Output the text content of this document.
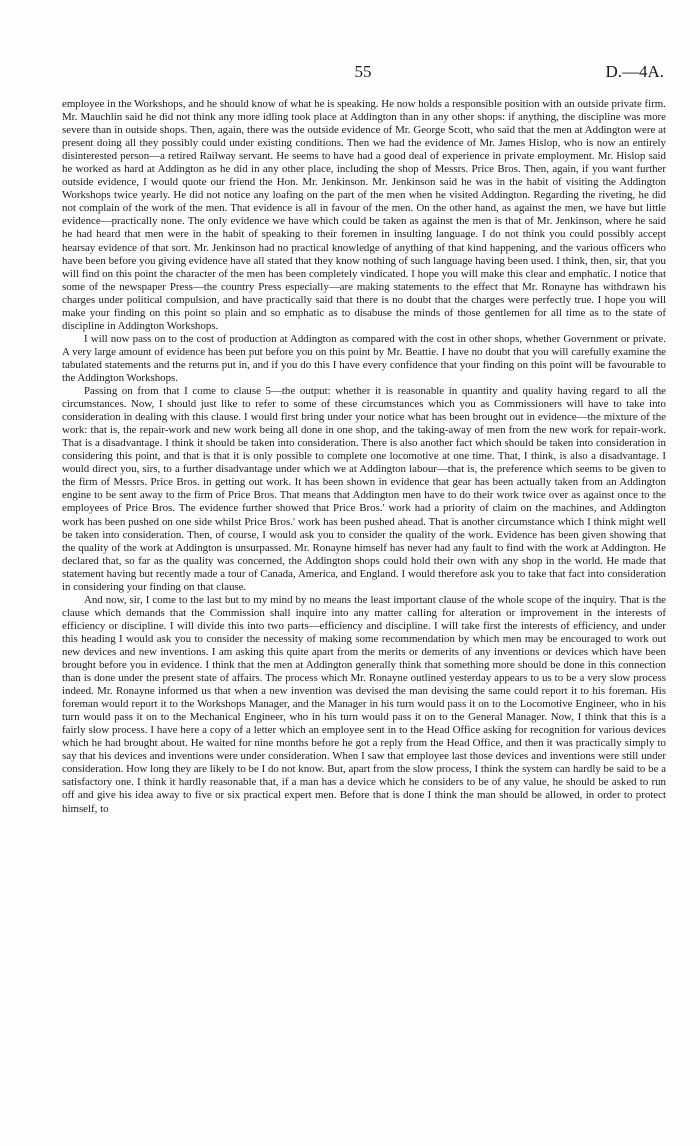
55	D.—4A.

employee in the Workshops, and he should know of what he is speaking. He now holds a responsible position with an outside private firm. Mr. Mauchlin said he did not think any more idling took place at Addington than in any other shops: if anything, the discipline was more severe than in outside shops. Then, again, there was the outside evidence of Mr. George Scott, who said that the men at Addington were at present doing all they possibly could under existing conditions. Then we had the evidence of Mr. James Hislop, who is now an entirely disinterested person—a retired Railway servant. He seems to have had a good deal of experience in private employment. Mr. Hislop said he worked as hard at Addington as he did in any other place, including the shop of Messrs. Price Bros. Then, again, if you want further outside evidence, I would quote our friend the Hon. Mr. Jenkinson. Mr. Jenkinson said he was in the habit of visiting the Addington Workshops twice yearly. He did not notice any loafing on the part of the men when he visited Addington. Regarding the riveting, he did not complain of the work of the men. That evidence is all in favour of the men. On the other hand, as against the men, we have but little evidence—practically none. The only evidence we have which could be taken as against the men is that of Mr. Jenkinson, where he said he had heard that men were in the habit of speaking to their foremen in insulting language. I do not think you could possibly accept hearsay evidence of that sort. Mr. Jenkinson had no practical knowledge of anything of that kind happening, and the various officers who have been before you giving evidence have all stated that they know nothing of such language having been used. I think, then, sir, that you will find on this point the character of the men has been completely vindicated. I hope you will make this clear and emphatic. I notice that some of the newspaper Press—the country Press especially—are making statements to the effect that Mr. Ronayne has withdrawn his charges under political compulsion, and have practically said that there is no doubt that the charges were perfectly true. I hope you will make your finding on this point so plain and so emphatic as to disabuse the minds of those gentlemen for all time as to the state of discipline in Addington Workshops.

I will now pass on to the cost of production at Addington as compared with the cost in other shops, whether Government or private. A very large amount of evidence has been put before you on this point by Mr. Beattie. I have no doubt that you will carefully examine the tabulated statements and the returns put in, and if you do this I have every confidence that your finding on this point will be favourable to the Addington Workshops.

Passing on from that I come to clause 5—the output: whether it is reasonable in quantity and quality having regard to all the circumstances. Now, I should just like to refer to some of these circumstances which you as Commissioners will have to take into consideration in dealing with this clause. I would first bring under your notice what has been brought out in evidence—the mixture of the work: that is, the repair-work and new work being all done in one shop, and the taking-away of men from the new work for repair-work. That is a disadvantage. I think it should be taken into consideration. There is also another fact which should be taken into consideration in considering this point, and that is that it is only possible to complete one locomotive at one time. That, I think, is also a disadvantage. I would direct you, sirs, to a further disadvantage under which we at Addington labour—that is, the preference which seems to be given to the firm of Messrs. Price Bros. in getting out work. It has been shown in evidence that gear has been actually taken from an Addington engine to be sent away to the firm of Price Bros. That means that Addington men have to do their work twice over as against once to the employees of Price Bros. The evidence further showed that Price Bros.' work had a priority of claim on the machines, and Addington work has been pushed on one side whilst Price Bros.' work has been pushed ahead. That is another circumstance which I think might well be taken into consideration. Then, of course, I would ask you to consider the quality of the work. Evidence has been given showing that the quality of the work at Addington is unsurpassed. Mr. Ronayne himself has never had any fault to find with the work at Addington. He declared that, so far as the quality was concerned, the Addington shops could hold their own with any shop in the world. He made that statement having but recently made a tour of Canada, America, and England. I would therefore ask you to take that fact into consideration in considering your finding on that clause.

And now, sir, I come to the last but to my mind by no means the least important clause of the whole scope of the inquiry. That is the clause which demands that the Commission shall inquire into any matter calling for alteration or improvement in the interests of efficiency or discipline. I will divide this into two parts—efficiency and discipline. I will take first the interests of efficiency, and under this heading I would ask you to consider the necessity of making some recommendation by which men may be encouraged to work out new devices and new inventions. I am asking this quite apart from the merits or demerits of any inventions or devices which have been brought before you in evidence. I think that the men at Addington generally think that something more should be done in this connection than is done under the present state of affairs. The process which Mr. Ronayne outlined yesterday appears to us to be a very slow process indeed. Mr. Ronayne informed us that when a new invention was devised the man devising the same could report it to his foreman. His foreman would report it to the Workshops Manager, and the Manager in his turn would pass it on to the Locomotive Engineer, who in his turn would pass it on to the Mechanical Engineer, who in his turn would pass it on to the General Manager. Now, I think that this is a fairly slow process. I have here a copy of a letter which an employee sent in to the Head Office asking for recognition for various devices which he had brought about. He waited for nine months before he got a reply from the Head Office, and then it was practically simply to say that his devices and inventions were under consideration. When I saw that employee last those devices and inventions were still under consideration. How long they are likely to be I do not know. But, apart from the slow process, I think the system can hardly be said to be a satisfactory one. I think it hardly reasonable that, if a man has a device which he considers to be of any value, he should be asked to run off and give his idea away to five or six practical expert men. Before that is done I think the man should be allowed, in order to protect himself, to
